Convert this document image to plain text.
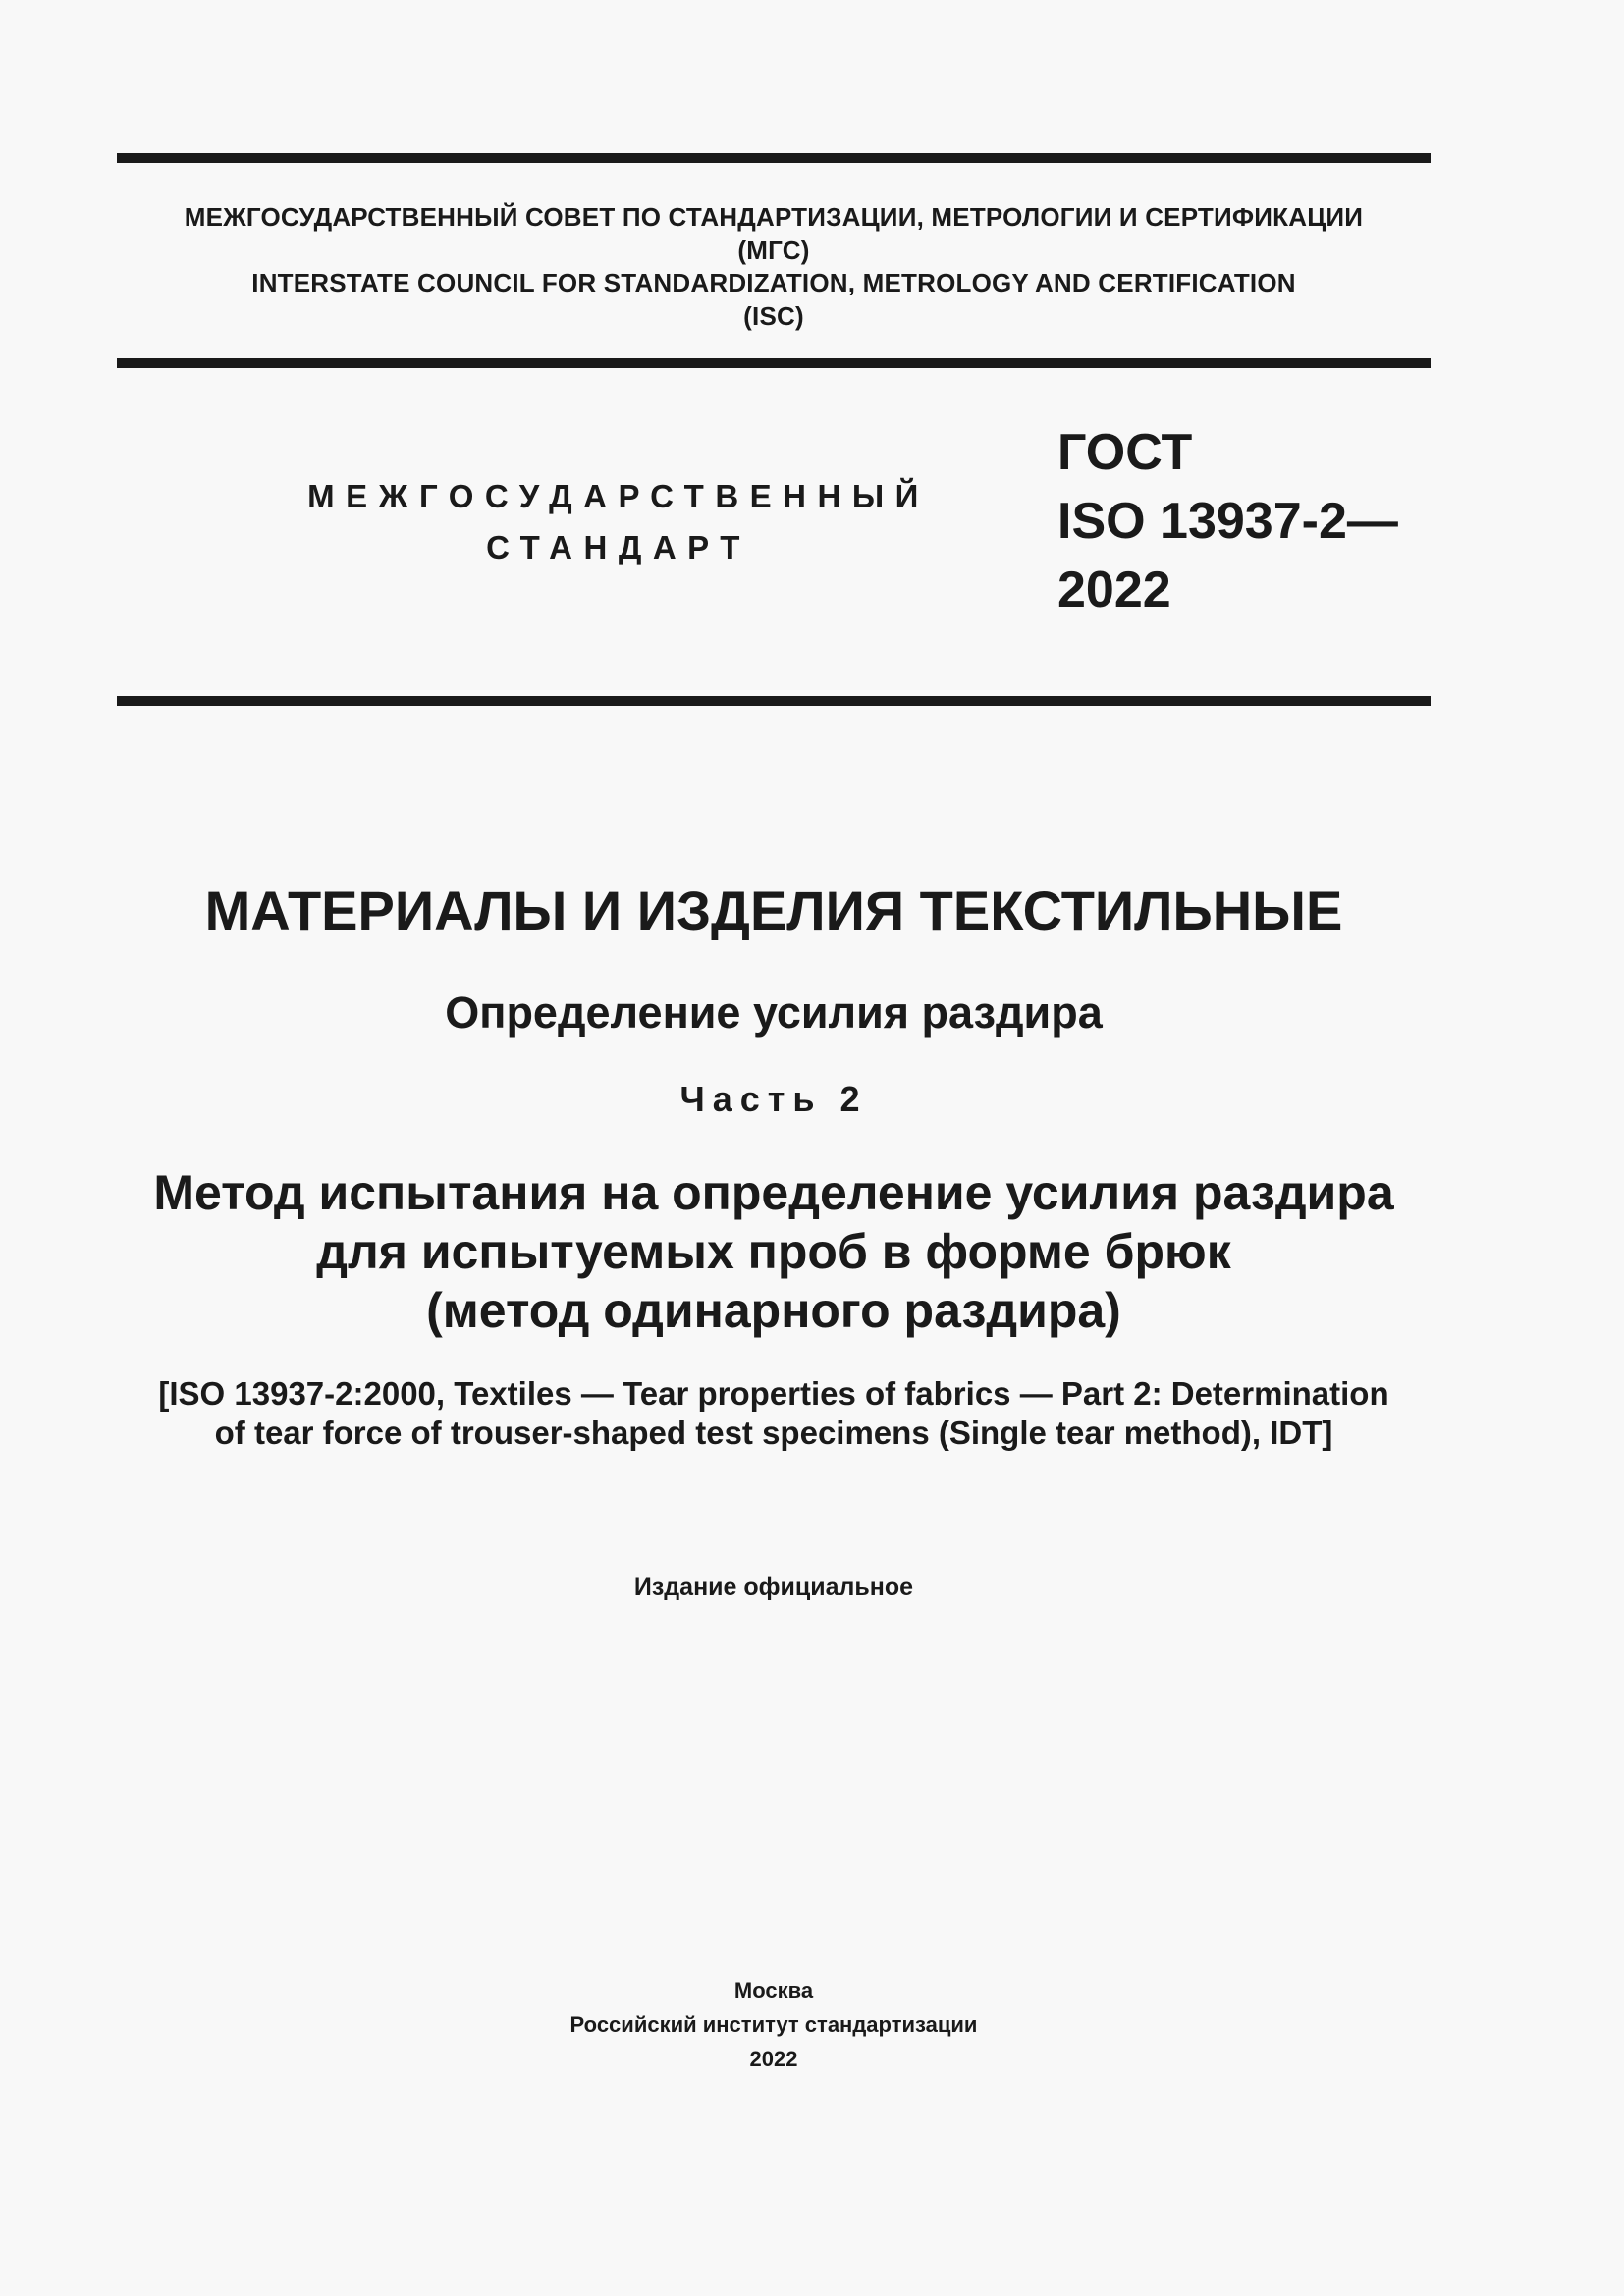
МЕЖГОСУДАРСТВЕННЫЙ СОВЕТ ПО СТАНДАРТИЗАЦИИ, МЕТРОЛОГИИ И СЕРТИФИКАЦИИ
(МГС)
INTERSTATE COUNCIL FOR STANDARDIZATION, METROLOGY AND CERTIFICATION
(ISC)
МЕЖГОСУДАРСТВЕННЫЙ
СТАНДАРТ
ГОСТ
ISO 13937-2—
2022
МАТЕРИАЛЫ И ИЗДЕЛИЯ ТЕКСТИЛЬНЫЕ
Определение усилия раздира
Часть 2
Метод испытания на определение усилия раздира
для испытуемых проб в форме брюк
(метод одинарного раздира)
[ISO 13937-2:2000, Textiles — Tear properties of fabrics — Part 2: Determination
of tear force of trouser-shaped test specimens (Single tear method), IDT]
Издание официальное
Москва
Российский институт стандартизации
2022
